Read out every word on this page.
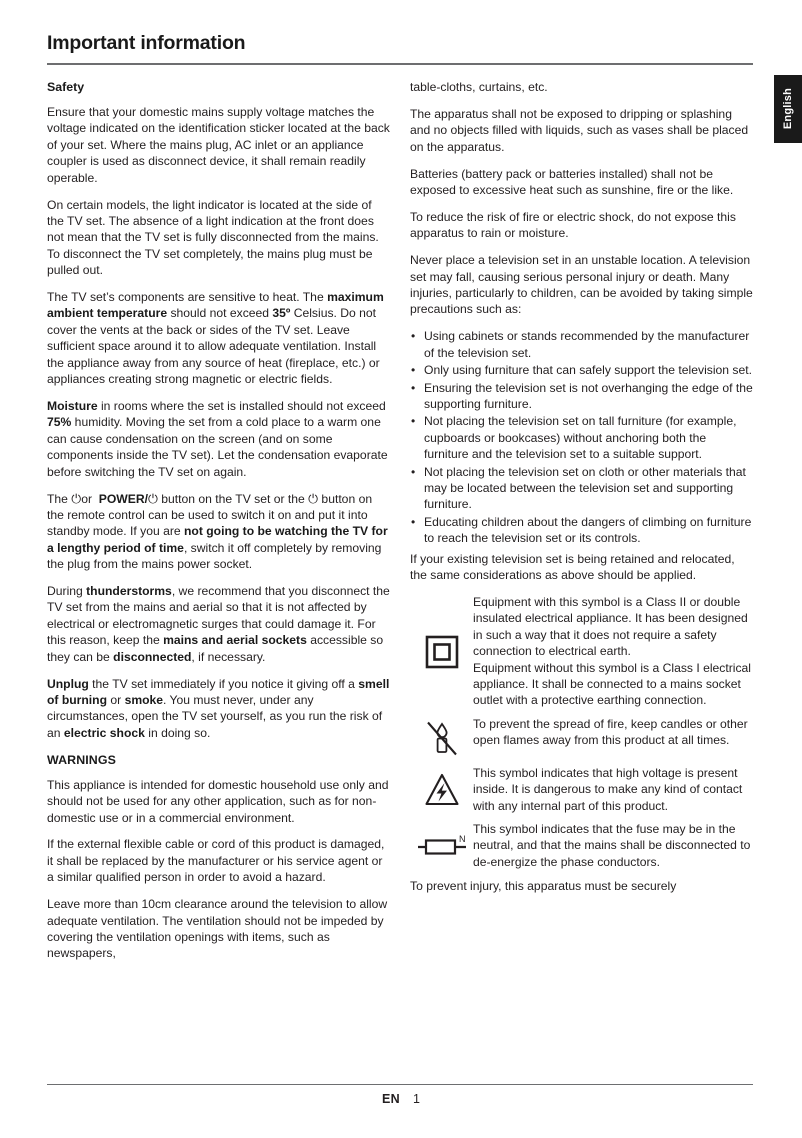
Important information
English
Safety

Ensure that your domestic mains supply voltage matches the voltage indicated on the identification sticker located at the back of your set. Where the mains plug, AC inlet or an appliance coupler is used as disconnect device, it shall remain readily operable.

On certain models, the light indicator is located at the side of the TV set. The absence of a light indication at the front does not mean that the TV set is fully disconnected from the mains. To disconnect the TV set completely, the mains plug must be pulled out.

The TV set’s components are sensitive to heat. The maximum ambient temperature should not exceed 35º Celsius. Do not cover the vents at the back or sides of the TV set. Leave sufficient space around it to allow adequate ventilation. Install the appliance away from any source of heat (fireplace, etc.) or appliances creating strong magnetic or electric fields.

Moisture in rooms where the set is installed should not exceed 75% humidity. Moving the set from a cold place to a warm one can cause condensation on the screen (and on some components inside the TV set). Let the condensation evaporate before switching the TV set on again.

The ⏻or POWER/⏻ button on the TV set or the ⏻ button on the remote control can be used to switch it on and put it into standby mode. If you are not going to be watching the TV for a lengthy period of time, switch it off completely by removing the plug from the mains power socket.

During thunderstorms, we recommend that you disconnect the TV set from the mains and aerial so that it is not affected by electrical or electromagnetic surges that could damage it. For this reason, keep the mains and aerial sockets accessible so they can be disconnected, if necessary.

Unplug the TV set immediately if you notice it giving off a smell of burning or smoke. You must never, under any circumstances, open the TV set yourself, as you run the risk of an electric shock in doing so.

WARNINGS

This appliance is intended for domestic household use only and should not be used for any other application, such as for non-domestic use or in a commercial environment.

If the external flexible cable or cord of this product is damaged, it shall be replaced by the manufacturer or his service agent or a similar qualified person in order to avoid a hazard.

Leave more than 10cm clearance around the television to allow adequate ventilation. The ventilation should not be impeded by covering the ventilation openings with items, such as newspapers,

table-cloths, curtains, etc.

The apparatus shall not be exposed to dripping or splashing and no objects filled with liquids, such as vases shall be placed on the apparatus.

Batteries (battery pack or batteries installed) shall not be exposed to excessive heat such as sunshine, fire or the like.

To reduce the risk of fire or electric shock, do not expose this apparatus to rain or moisture.

Never place a television set in an unstable location. A television set may fall, causing serious personal injury or death. Many injuries, particularly to children, can be avoided by taking simple precautions such as:

• Using cabinets or stands recommended by the manufacturer of the television set.
• Only using furniture that can safely support the television set.
• Ensuring the television set is not overhanging the edge of the supporting furniture.
• Not placing the television set on tall furniture (for example, cupboards or bookcases) without anchoring both the furniture and the television set to a suitable support.
• Not placing the television set on cloth or other materials that may be located between the television set and supporting furniture.
• Educating children about the dangers of climbing on furniture to reach the television set or its controls.

If your existing television set is being retained and relocated, the same considerations as above should be applied.

Equipment with this symbol is a Class II or double insulated electrical appliance. It has been designed in such a way that it does not require a safety connection to electrical earth.

Equipment without this symbol is a Class I electrical appliance. It shall be connected to a mains socket outlet with a protective earthing connection.

To prevent the spread of fire, keep candles or other open flames away from this product at all times.

This symbol indicates that high voltage is present inside. It is dangerous to make any kind of contact with any internal part of this product.

N

This symbol indicates that the fuse may be in the neutral, and that the mains shall be disconnected to de-energize the phase conductors.

To prevent injury, this apparatus must be securely

EN 1
